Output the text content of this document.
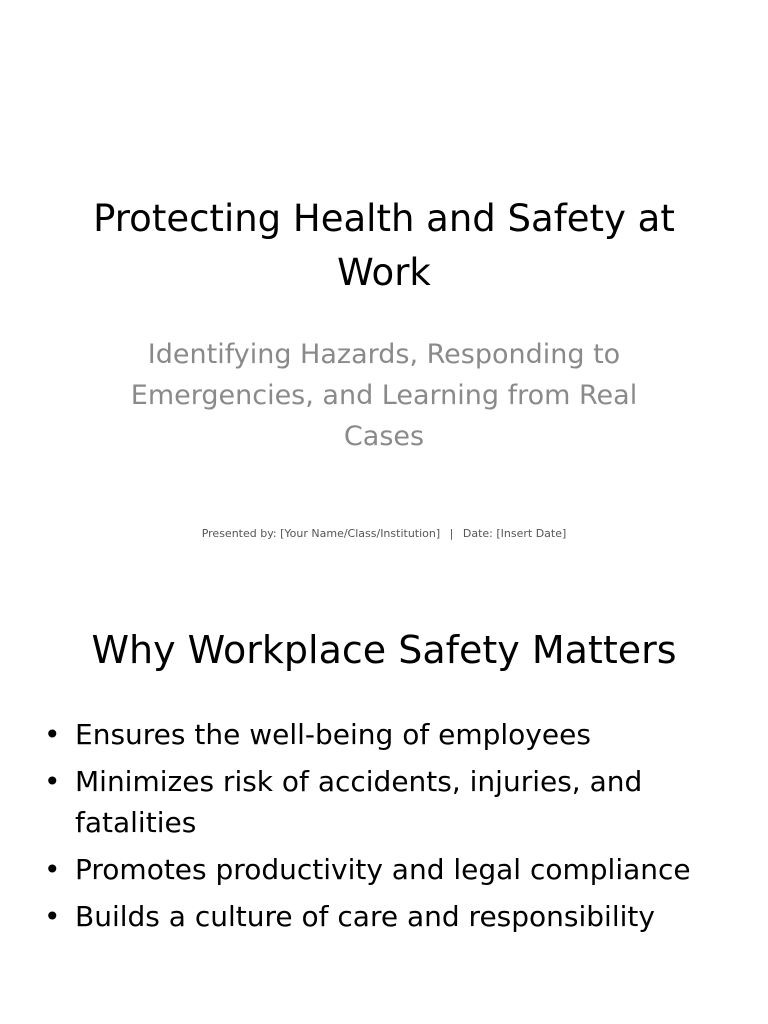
Protecting Health and Safety at Work

Identifying Hazards, Responding to Emergencies, and Learning from Real Cases

Presented by: [Your Name/Class/Institution] | Date: [Insert Date]
Why Workplace Safety Matters
• Ensures the well-being of employees
• Minimizes risk of accidents, injuries, and fatalities
• Promotes productivity and legal compliance
• Builds a culture of care and responsibility
